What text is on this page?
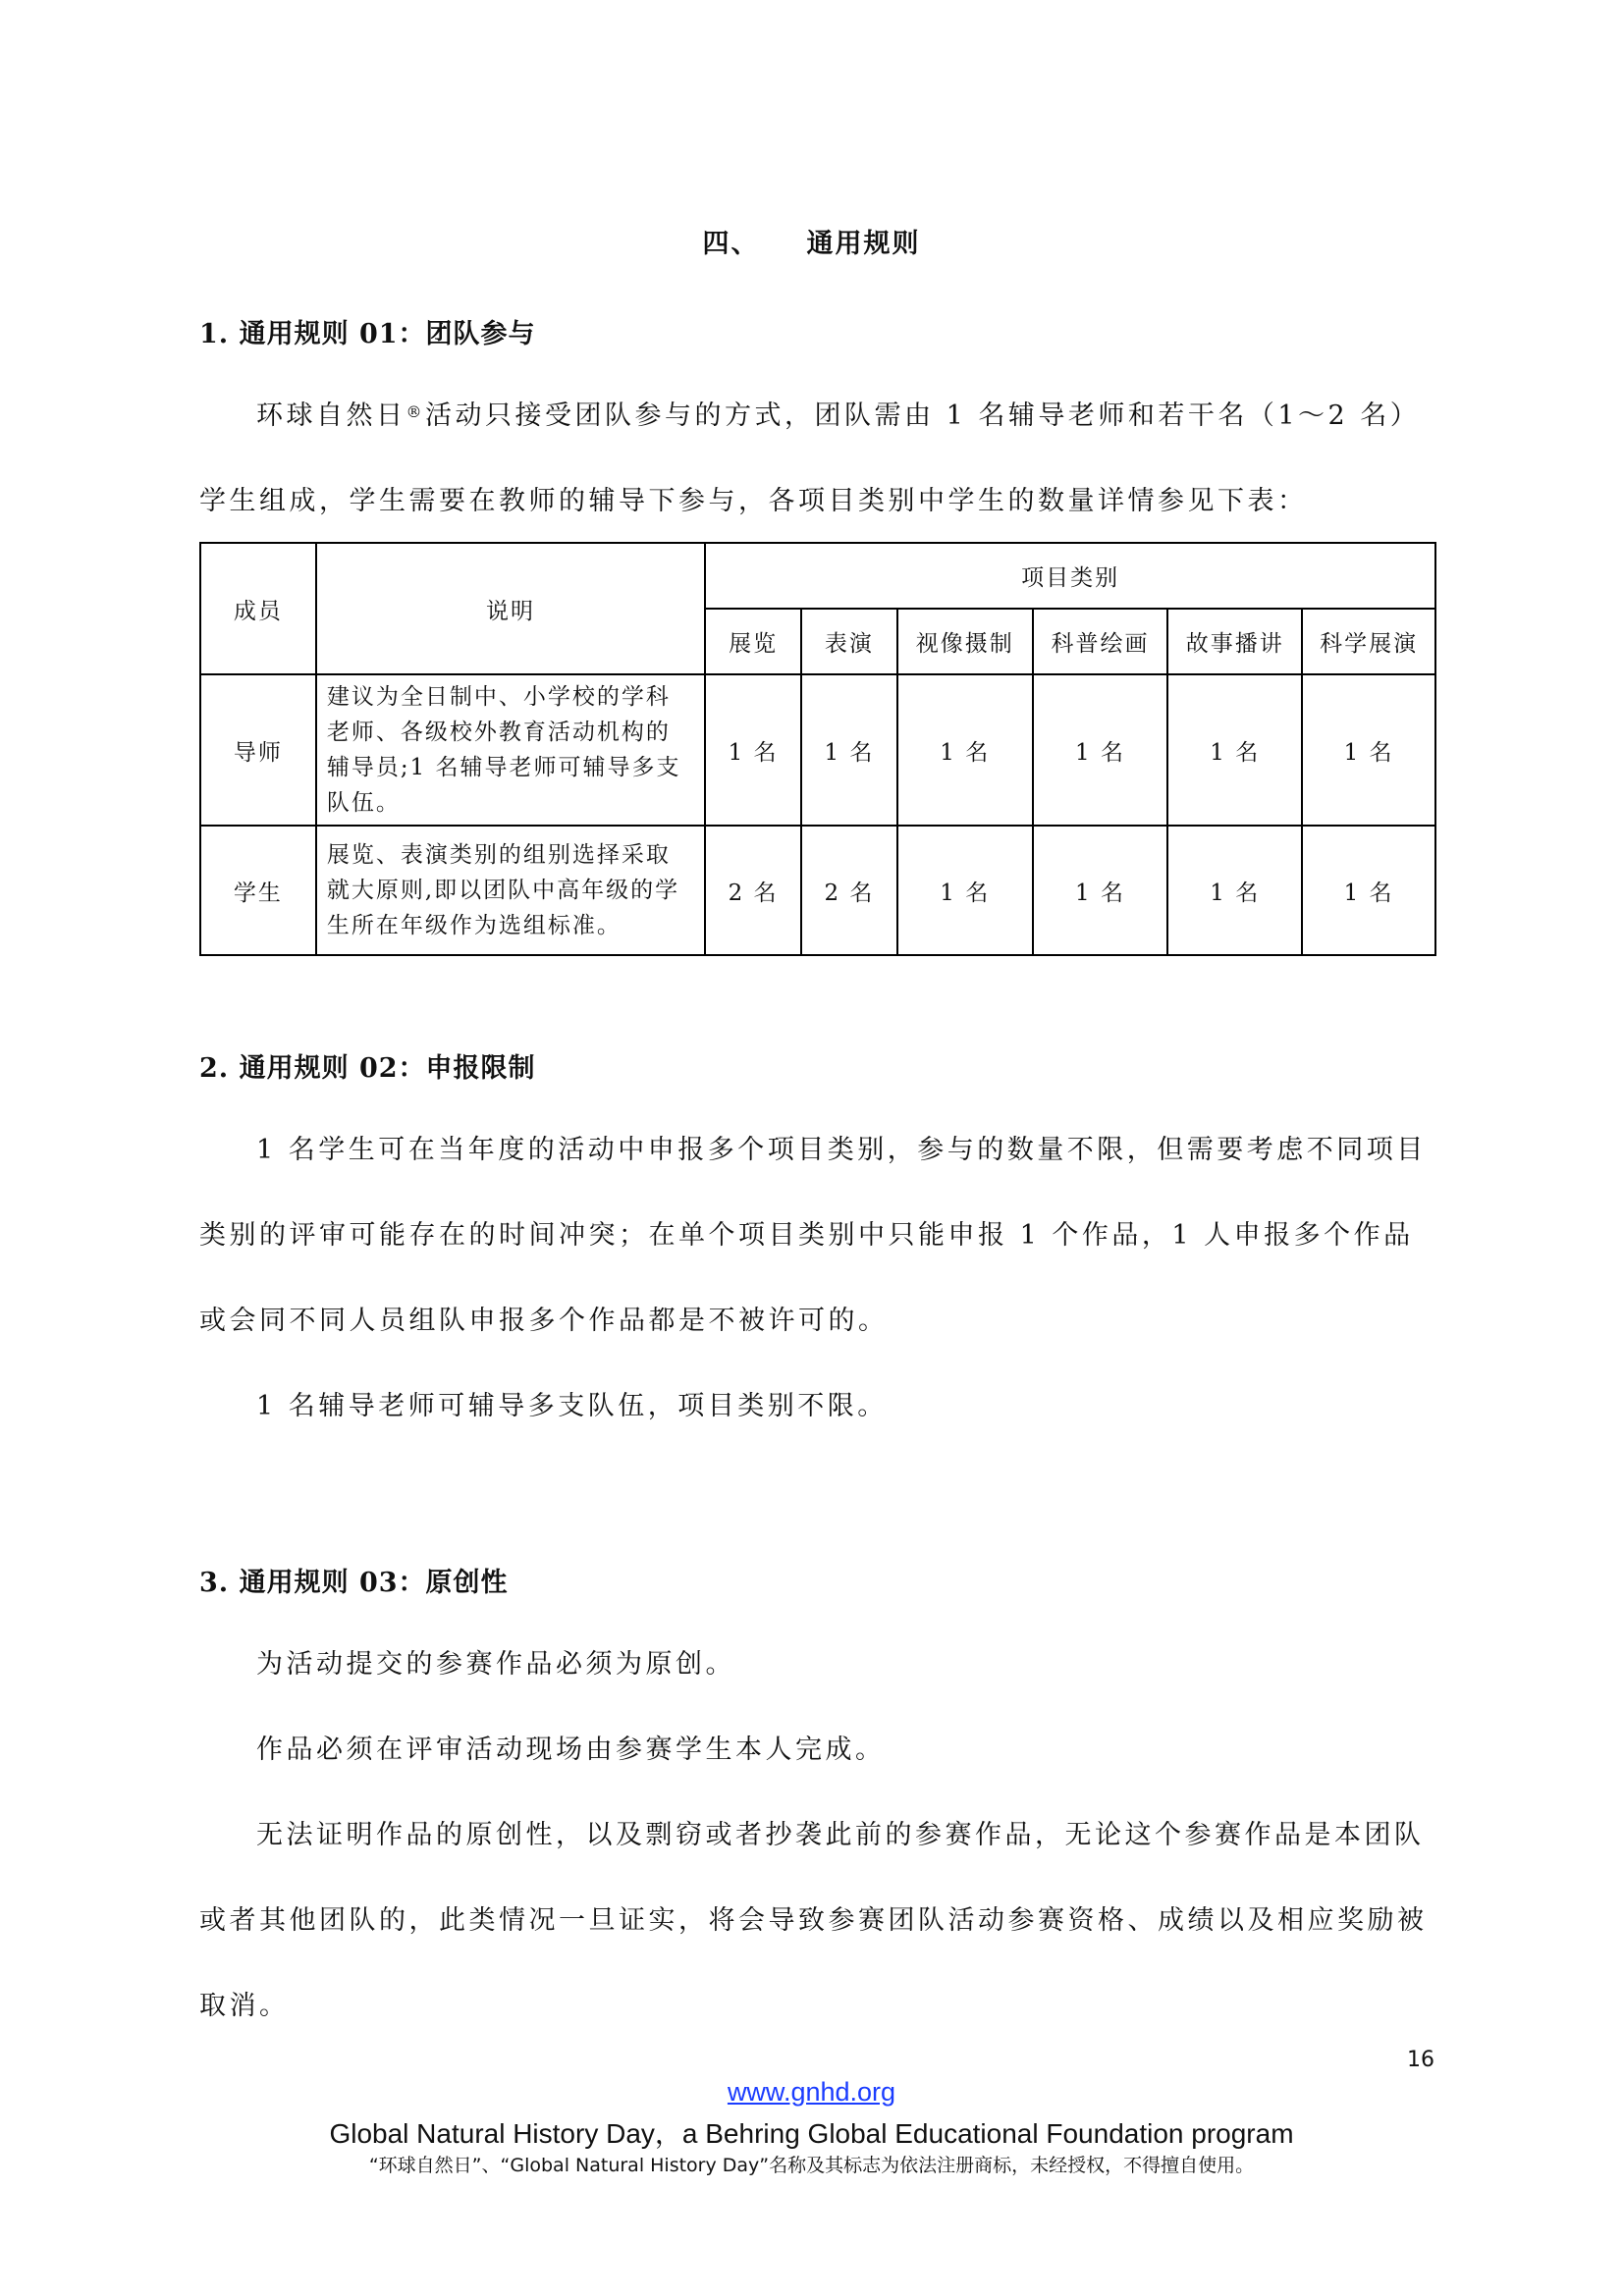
四、 通用规则
1. 通用规则 01：团队参与
环球自然日®活动只接受团队参与的方式，团队需由 1 名辅导老师和若干名（1～2 名）学生组成，学生需要在教师的辅导下参与，各项目类别中学生的数量详情参见下表：
成员	说明	项目类别					
		展览	表演	视像摄制	科普绘画	故事播讲	科学展演
导师	建议为全日制中、小学校的学科老师、各级校外教育活动机构的辅导员;1 名辅导老师可辅导多支队伍。	1 名	1 名	1 名	1 名	1 名	1 名
学生	展览、表演类别的组别选择采取就大原则,即以团队中高年级的学生所在年级作为选组标准。	2 名	2 名	1 名	1 名	1 名	1 名
2. 通用规则 02：申报限制
1 名学生可在当年度的活动中申报多个项目类别，参与的数量不限，但需要考虑不同项目类别的评审可能存在的时间冲突；在单个项目类别中只能申报 1 个作品，1 人申报多个作品或会同不同人员组队申报多个作品都是不被许可的。
1 名辅导老师可辅导多支队伍，项目类别不限。
3. 通用规则 03：原创性
为活动提交的参赛作品必须为原创。
作品必须在评审活动现场由参赛学生本人完成。
无法证明作品的原创性，以及剽窃或者抄袭此前的参赛作品，无论这个参赛作品是本团队或者其他团队的，此类情况一旦证实，将会导致参赛团队活动参赛资格、成绩以及相应奖励被取消。
16
www.gnhd.org
Global Natural History Day，a Behring Global Educational Foundation program
“环球自然日”、“Global Natural History Day”名称及其标志为依法注册商标，未经授权，不得擅自使用。
